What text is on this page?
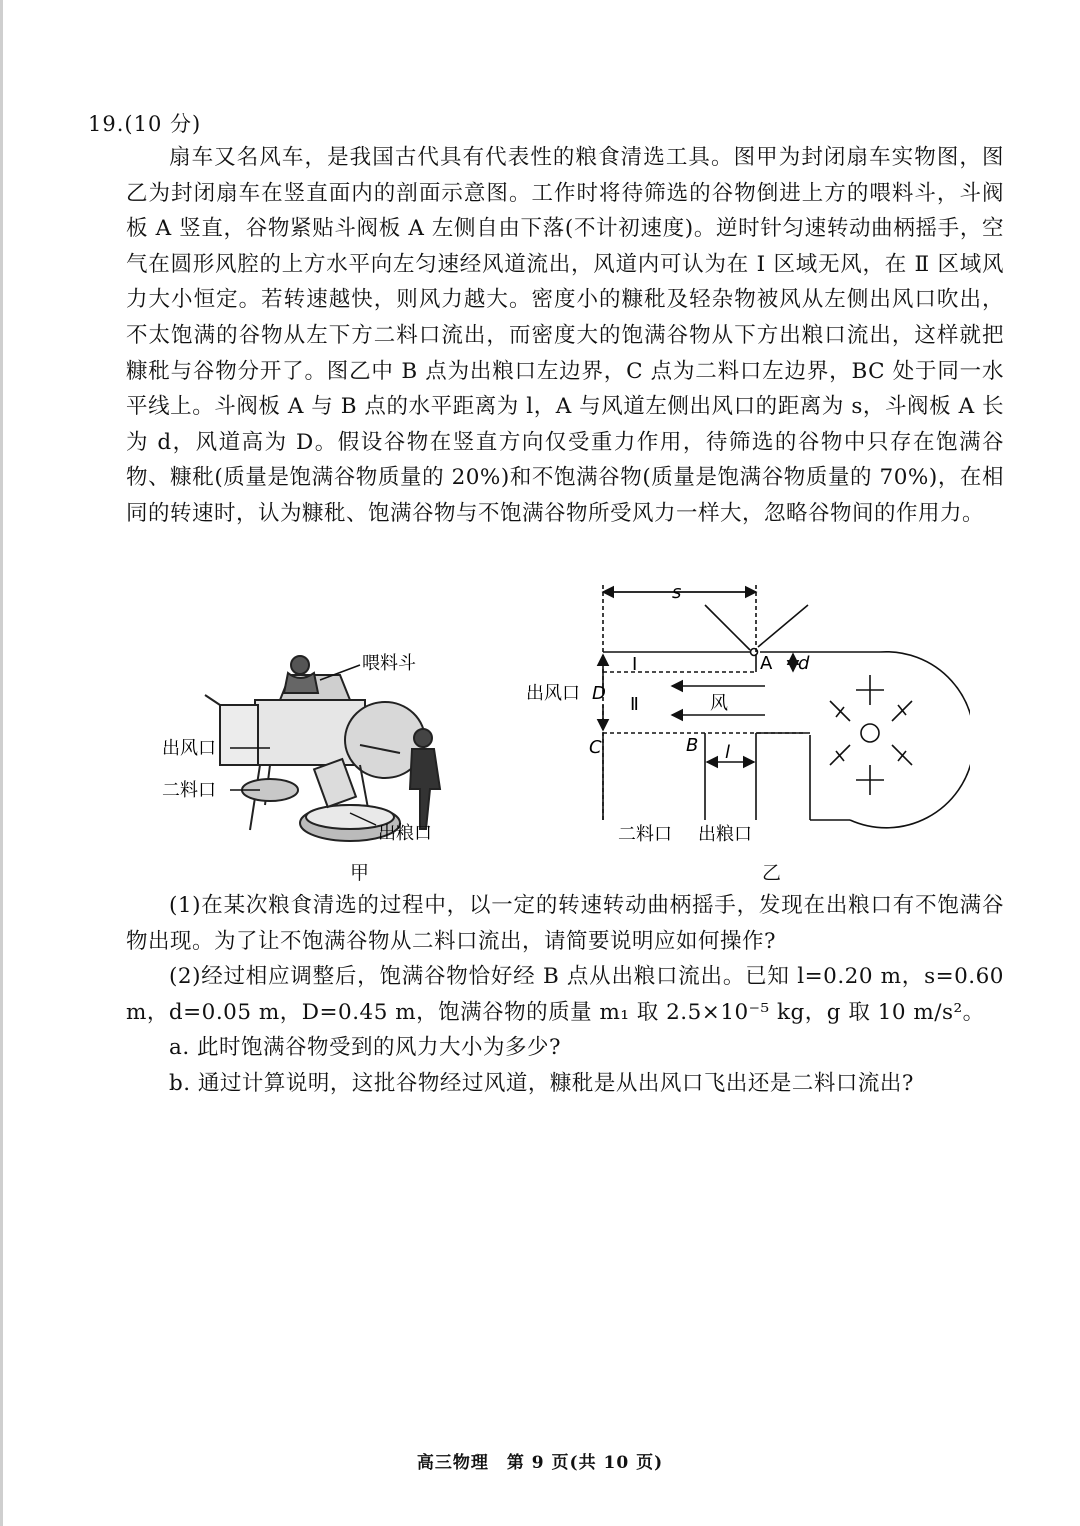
19.(10 分)

扇车又名风车，是我国古代具有代表性的粮食清选工具。图甲为封闭扇车实物图，图乙为封闭扇车在竖直面内的剖面示意图。工作时将待筛选的谷物倒进上方的喂料斗，斗阀板 A 竖直，谷物紧贴斗阀板 A 左侧自由下落(不计初速度)。逆时针匀速转动曲柄摇手，空气在圆形风腔的上方水平向左匀速经风道流出，风道内可认为在 Ⅰ 区域无风，在 Ⅱ 区域风力大小恒定。若转速越快，则风力越大。密度小的糠秕及轻杂物被风从左侧出风口吹出，不太饱满的谷物从左下方二料口流出，而密度大的饱满谷物从下方出粮口流出，这样就把糠秕与谷物分开了。图乙中 B 点为出粮口左边界，C 点为二料口左边界，BC 处于同一水平线上。斗阀板 A 与 B 点的水平距离为 l，A 与风道左侧出风口的距离为 s，斗阀板 A 长为 d，风道高为 D。假设谷物在竖直方向仅受重力作用，待筛选的谷物中只存在饱满谷物、糠秕(质量是饱满谷物质量的 20%)和不饱满谷物(质量是饱满谷物质量的 70%)，在相同的转速时，认为糠秕、饱满谷物与不饱满谷物所受风力一样大，忽略谷物间的作用力。

喂料斗
出风口
二料口
出粮口
甲
s
Ⅰ	A d
出风口 D
Ⅱ	风
C	B l
二料口 出粮口
乙

(1)在某次粮食清选的过程中，以一定的转速转动曲柄摇手，发现在出粮口有不饱满谷物出现。为了让不饱满谷物从二料口流出，请简要说明应如何操作?

(2)经过相应调整后，饱满谷物恰好经 B 点从出粮口流出。已知 l=0.20 m，s=0.60 m，d=0.05 m，D=0.45 m，饱满谷物的质量 m₁ 取 2.5×10⁻⁵ kg，g 取 10 m/s²。

a. 此时饱满谷物受到的风力大小为多少?

b. 通过计算说明，这批谷物经过风道，糠秕是从出风口飞出还是二料口流出?

高三物理　第 9 页(共 10 页)
